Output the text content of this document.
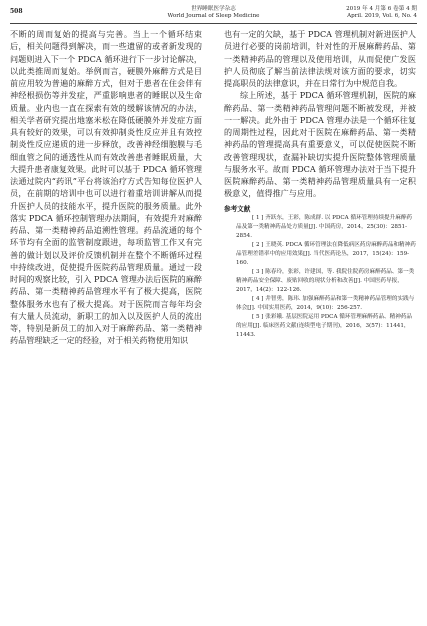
508	世界睡眠医学杂志
World Journal of Sleep Medicine
2019 年 4 月第 6 卷第 4 期
April. 2019, Vol. 6, No. 4

不断的周而复始的提高与完善。当上一个循环结束后，相关问题得到解决，而一些遗留的或者新发现的问题则进入下一个 PDCA 循环进行下一步讨论解决，以此类推周而复始。举例而言，硬膜外麻醉方式是目前应用较为普遍的麻醉方式，但对于患者在住会伴有神经根损伤等并发症，严重影响患者的睡眠以及生命质量。业内也一直在探索有效的缓解该情况的办法，相关学者研究提出地塞米松在降低硬膜外并发症方面具有较好的效果，可以有效抑制炎性反应并且有效控制炎性反应递质的进一步释放，改善神经细胞膜与毛细血管之间的通透性从而有效改善患者睡眠质量，大大提升患者康复效果。此时可以基于 PDCA 循环管理法通过院内“药讯”平台将该治疗方式告知每位医护人员，在前期的培训中也可以进行着重培训讲解从而提升医护人员的技能水平，提升医院的服务质量。此外落实 PDCA 循环控制管理办法期间，有效提升对麻醉药品、第一类精神药品追溯性管理。药品流通的每个环节均有全面的监管制度跟进，每项监管工作又有完善的做计划以及评价反馈机制并在整个不断循环过程中持续改进，促使提升医院药品管理质量。通过一段时间的观察比较，引入 PDCA 管理办法后医院的麻醉药品、第一类精神药品管理水平有了极大提高，医院整体服务水也有了极大提高。对于医院而言每年均会有大量人员流动，新职工的加入以及医护人员的流出等，特别是新员工的加入对于麻醉药品、第一类精神药品管理缺乏一定的经验，对于相关药物使用知识

也有一定的欠缺，基于 PDCA 管理机制对新进医护人员进行必要的岗前培训，针对性的开展麻醉药品、第一类精神药品的管理以及使用培训，从而促使广发医护人员彻底了解当前法律法规对该方面的要求，切实提高职员的法律意识，并在日常行为中规范自我。

综上所述，基于 PDCA 循环管理机制，医院的麻醉药品、第一类精神药品管理问题不断被发现，并被一一解决。此外由于 PDCA 管理办法是一个循环往复的周期性过程，因此对于医院在麻醉药品、第一类精神药品的管理提高具有重要意义，可以促使医院不断改善管理现状，查漏补缺切实提升医院整体管理质量与服务水平。故而 PDCA 循环管理办法对于当下提升医院麻醉药品、第一类精神药品管理质量具有一定积极意义，值得推广与应用。

参考文献

[ 1 ] 齐跃东，王彩，陈成群. 以 PDCA 循环管理持续提升麻醉药品及第一类精神药品处方质量[J]. 中国药房，2014，25(30)：2851-2854.

[ 2 ] 王晓英. PDCA 循环管理法在降低病区药房麻醉药品和精神药品管理差错率中的应用效果[J]. 当代医药论丛，2017，15(24)：159-160.

[ 3 ] 陈春玲，张彩，许建国，等. 我院住院药房麻醉药品、第一类精神药品安全保障、废贴回收的现状分析和改善[J]. 中国医药导报，2017，14(2)：122-126.

[ 4 ] 井智勇，陈玮. 加强麻醉药品和第一类精神药品管理的实践与体会[J]. 中国实用医药，2014，9(10)：256-257.

[ 5 ] 张彩娥. 基层医院运用 PDCA 循环管理麻醉药品、精神药品的应用[J]. 临床医药文献(连续型电子期刊)，2016，3(57)：11441，11443.
